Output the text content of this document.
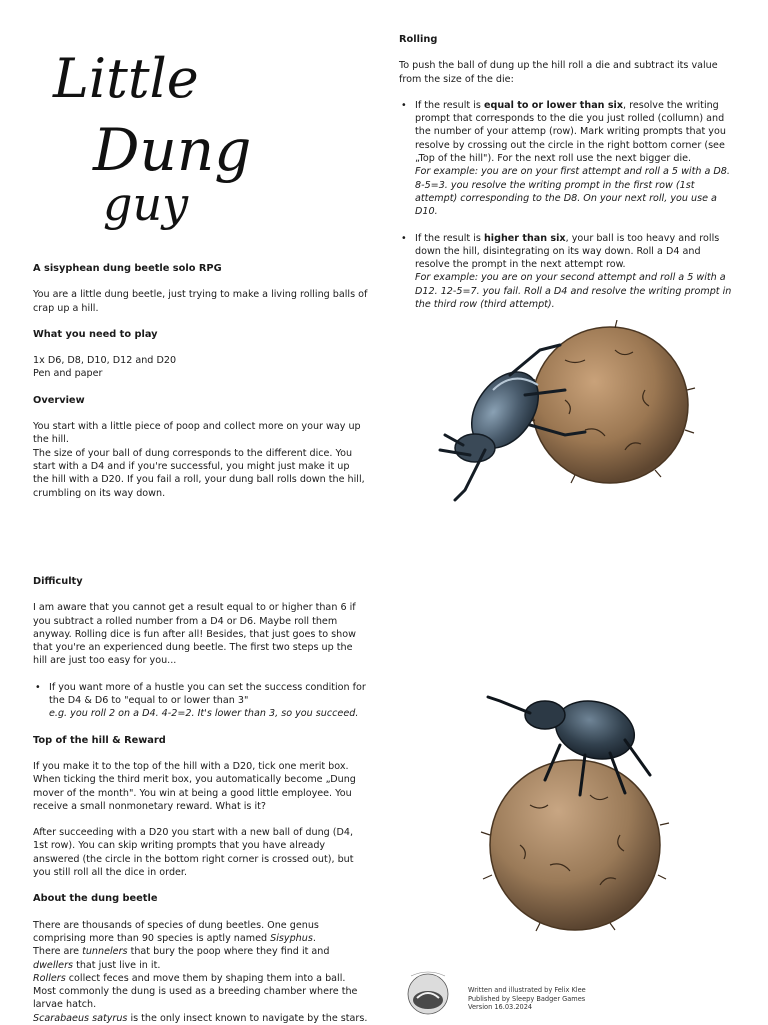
Little
Dung
guy
A sisyphean dung beetle solo RPG

You are a little dung beetle, just trying to make a living rolling balls of crap up a hill.

What you need to play

1x D6, D8, D10, D12 and D20

Pen and paper

Overview

You start with a little piece of poop and collect more on your way up the hill.

The size of your ball of dung corresponds to the different dice. You start with a D4 and if you're successful, you might just make it up the hill with a D20. If you fail a roll, your dung ball rolls down the hill, crumbling on its way down.

Difficulty

I am aware that you cannot get a result equal to or higher than 6 if you subtract a rolled number from a D4 or D6. Maybe roll them anyway. Rolling dice is fun after all! Besides, that just goes to show that you're an experienced dung beetle. The first two steps up the hill are just too easy for you...

• If you want more of a hustle you can set the success condition for the D4 & D6 to "equal to or lower than 3"
e.g. you roll 2 on a D4. 4-2=2. It's lower than 3, so you succeed.
Top of the hill & Reward

If you make it to the top of the hill with a D20, tick one merit box. When ticking the third merit box, you automatically become „Dung mover of the month". You win at being a good little employee. You receive a small nonmonetary reward. What is it?

After succeeding with a D20 you start with a new ball of dung (D4, 1st row). You can skip writing prompts that you have already answered (the circle in the bottom right corner is crossed out), but you still roll all the dice in order.

About the dung beetle

There are thousands of species of dung beetles. One genus comprising more than 90 species is aptly named Sisyphus.

There are tunnelers that bury the poop where they find it and dwellers that just live in it.

Rollers collect feces and move them by shaping them into a ball. Most commonly the dung is used as a breeding chamber where the larvae hatch.

Scarabaeus satyrus is the only insect known to navigate by the stars.

Rolling

To push the ball of dung up the hill roll a die and subtract its value from the size of the die:

• If the result is equal to or lower than six, resolve the writing prompt that corresponds to the die you just rolled (collumn) and the number of your attemp (row). Mark writing prompts that you resolve by crossing out the circle in the right bottom corner (see „Top of the hill"). For the next roll use the next bigger die.
For example: you are on your first attempt and roll a 5 with a D8. 8-5=3. you resolve the writing prompt in the first row (1st attempt) corresponding to the D8. On your next roll, you use a D10.
• If the result is higher than six, your ball is too heavy and rolls down the hill, disintegrating on its way down. Roll a D4 and resolve the prompt in the next attempt row.
For example: you are on your second attempt and roll a 5 with a D12. 12-5=7. you fail. Roll a D4 and resolve the writing prompt in the third row (third attempt).
Written and illustrated by Felix Klee
Published by Sleepy Badger Games
Version 16.03.2024
